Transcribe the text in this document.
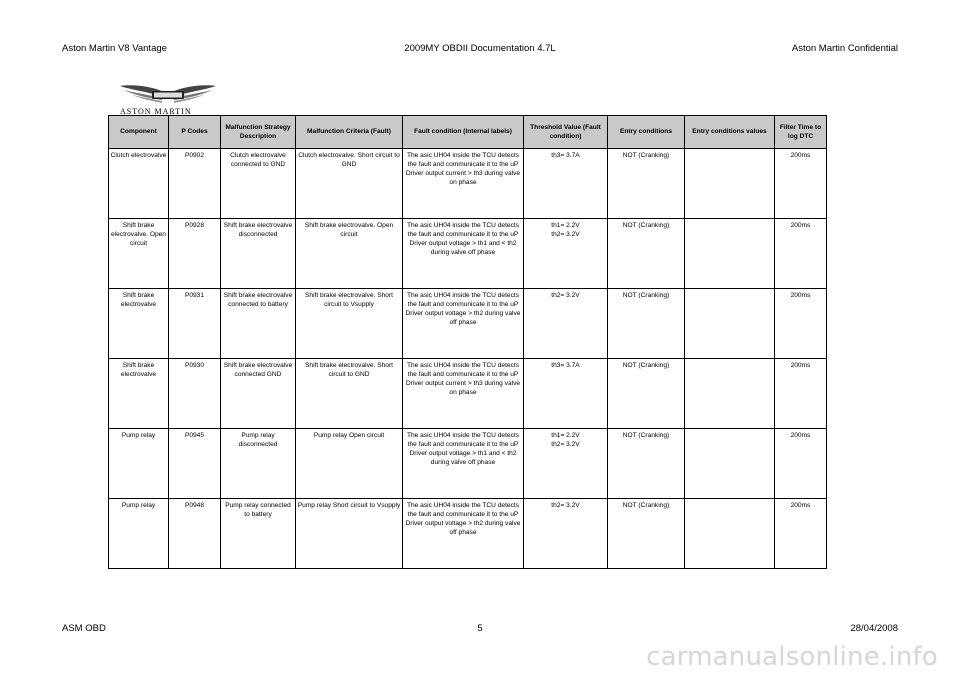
Aston Martin V8 Vantage	2009MY OBDII Documentation 4.7L	Aston Martin Confidential
ASTON MARTIN
Component	P Codes	Malfunction Strategy Description	Malfunction Criteria (Fault)	Fault condition (Internal labels)	Threshold Value (Fault condition)	Entry conditions	Entry conditions values	Filter Time to log DTC
Clutch electrovalve	P0902	Clutch electrovalve connected to GND	Clutch electrovalve. Short circuit to GND	The asic UH04 inside the TCU detects the fault and communicate it to the uP
Driver output current > th3 during valve on phase	th3= 3.7A	NOT (Cranking)		200ms
Shift brake electrovalve. Open circuit	P0928	Shift brake electrovalve disconnected	Shift brake electrovalve. Open circuit	The asic UH04 inside the TCU detects the fault and communicate it to the uP
Driver output voltage > th1 and < th2 during valve off phase	th1= 2.2V
th2= 3.2V	NOT (Cranking)		200ms
Shift brake electrovalve	P0931	Shift brake electrovalve connected to battery	Shift brake electrovalve. Short circuit to Vsupply	The asic UH04 inside the TCU detects the fault and communicate it to the uP
Driver output voltage > th2 during valve off phase	th2= 3.2V	NOT (Cranking)		200ms
Shift brake electrovalve	P0930	Shift brake electrovalve connected GND	Shift brake electrovalve. Short circuit to GND	The asic UH04 inside the TCU detects the fault and communicate it to the uP
Driver output current > th3 during valve on phase	th3= 3.7A	NOT (Cranking)		200ms
Pump relay	P0945	Pump relay disconnected	Pump relay Open circuit	The asic UH04 inside the TCU detects the fault and communicate it to the uP
Driver output voltage > th1 and < th2 during valve off phase	th1= 2.2V
th2= 3.2V	NOT (Cranking)		200ms
Pump relay	P0948	Pump relay connected to battery	Pump relay Short circuit to Vsupply	The asic UH04 inside the TCU detects the fault and communicate it to the uP
Driver output voltage > th2 during valve off phase	th2= 3.2V	NOT (Cranking)		200ms
ASM OBD	5	28/04/2008
carmanualsonline.info
